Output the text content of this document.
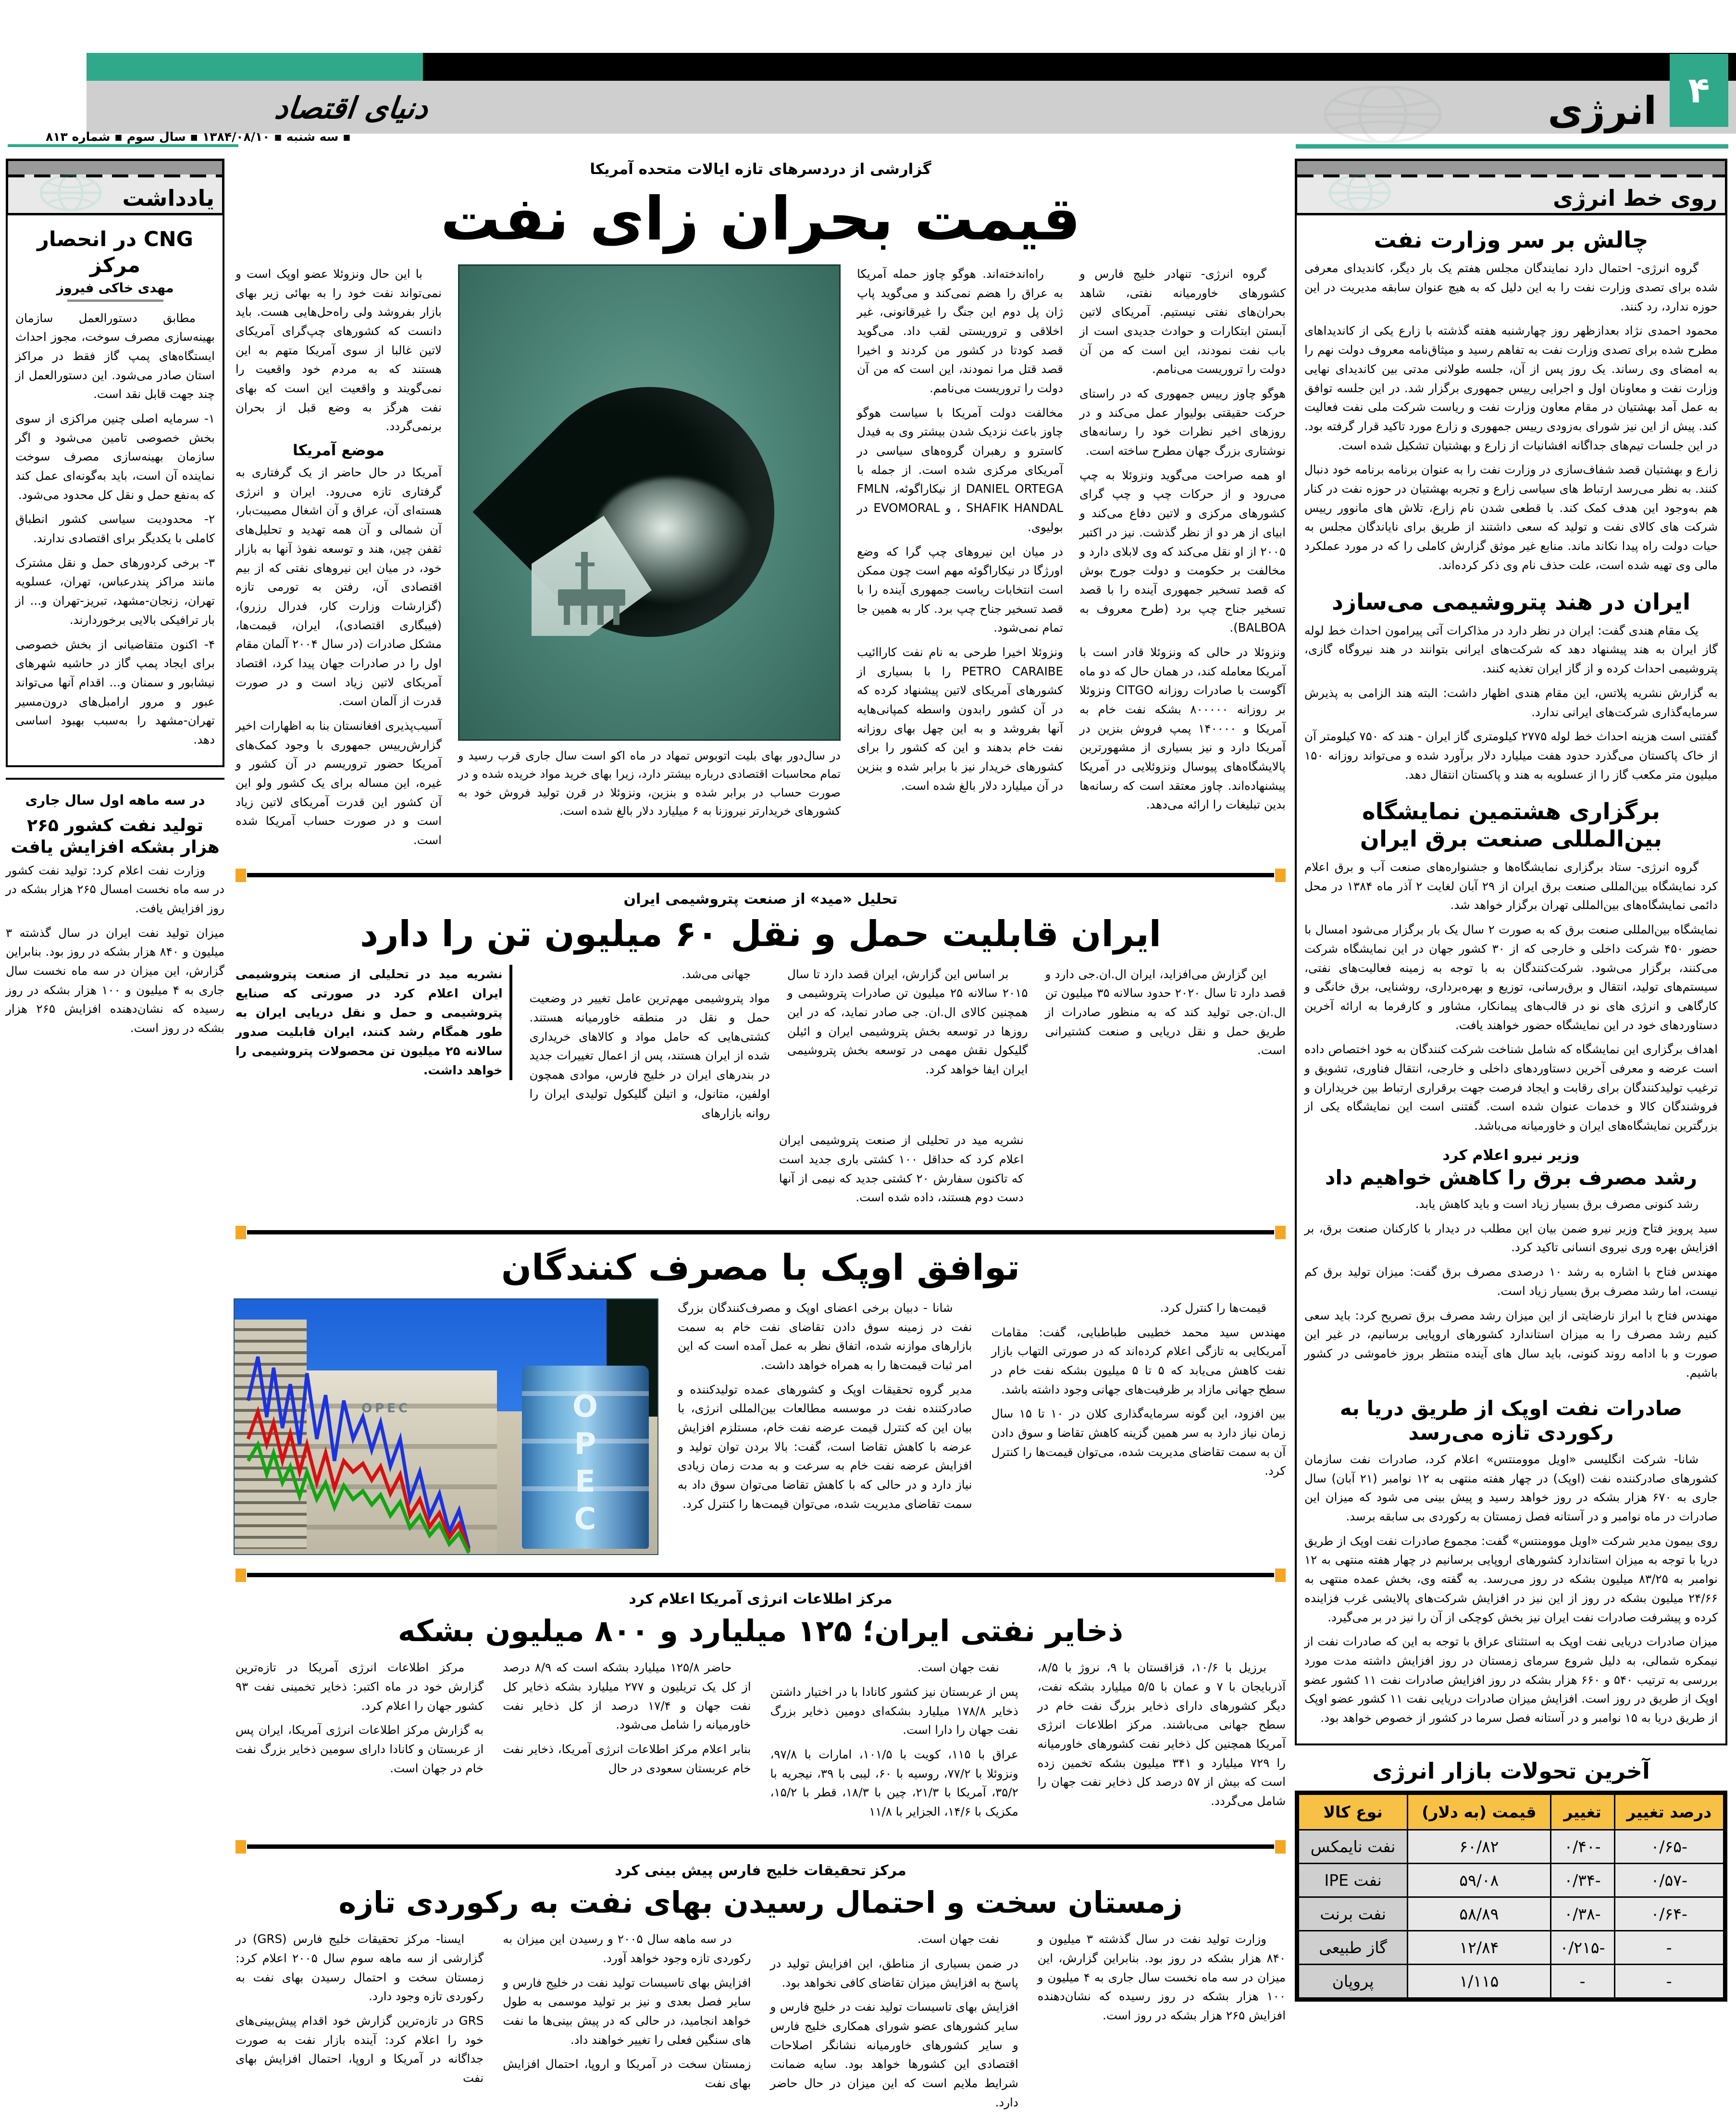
۴
دنیای اقتصاد	انرژی
▪ سه شنبه ▪ ۱۳۸۴/۰۸/۱۰ ▪ سال سوم ▪ شماره ۸۱۳
یادداشت
CNG در انحصار مرکز
مهدی خاکی فیروز

مطابق دستورالعمل سازمان بهینه‌سازی مصرف سوخت، مجوز احداث ایستگاه‌های پمپ گاز فقط در مراکز استان صادر می‌شود. این دستورالعمل از چند جهت قابل نقد است.

۱- سرمایه اصلی چنین مراکزی از سوی بخش خصوصی تامین می‌شود و اگر سازمان بهینه‌سازی مصرف سوخت نماینده آن است، باید به‌گونه‌ای عمل کند که به‌نفع حمل و نقل کل محدود می‌شود.

۲- محدودیت سیاسی کشور انطباق کاملی با یکدیگر برای اقتصادی ندارند.

۳- برخی کردورهای حمل و نقل مشترک مانند مراکز پندرعباس، تهران، عسلویه تهران، زنجان-مشهد، تبریز-تهران و... از بار ترافیکی بالایی برخوردارند.

۴- اکنون متقاضیانی از بخش خصوصی برای ایجاد پمپ گاز در حاشیه شهرهای نیشابور و سمنان و... اقدام آنها می‌تواند عبور و مرور ارامبل‌های درون‌مسیر تهران-مشهد را به‌سبب بهبود اساسی دهد.

در سه ماهه اول سال جاری
تولید نفت کشور ۲۶۵ هزار بشکه افزایش یافت

وزارت نفت اعلام کرد: تولید نفت کشور در سه ماه نخست امسال ۲۶۵ هزار بشکه در روز افزایش یافت.

میزان تولید نفت ایران در سال گذشته ۳ میلیون و ۸۴۰ هزار بشکه در روز بود. بنابراین گزارش، این میزان در سه ماه نخست سال جاری به ۴ میلیون و ۱۰۰ هزار بشکه در روز رسیده که نشان‌دهنده افزایش ۲۶۵ هزار بشکه در روز است.

گزارشی از دردسرهای تازه ایالات متحده آمریکا
قیمت بحران زای نفت

گروه انرژی- تنهادر خلیج فارس و کشورهای خاورمیانه نفتی، شاهد بحران‌های نفتی نیستیم. آمریکای لاتین آبستن ابتکارات و حوادث جدیدی است از باب نفت نمودند، این است که من آن دولت را تروریست می‌نامم.

هوگو چاوز رییس جمهوری که در راستای حرکت حقیقتی بولیوار عمل می‌کند و در روزهای اخیر نظرات خود را رسانه‌های نوشتاری بزرگ جهان مطرح ساخته است.

او همه صراحت می‌گوید ونزوئلا به چپ می‌رود و از حرکات چپ و چپ گرای کشورهای مرکزی و لاتین دفاع می‌کند و ابیای از هر دو از نظر گذشت. نیز در اکتبر ۲۰۰۵ از او نقل می‌کند که وی لابلای دارد و مخالفت بر حکومت و دولت جورج بوش که قصد تسخیر جمهوری آینده را با قصد تسخیر جناح چپ برد (طرح معروف به BALBOA).

ونزوئلا در حالی که ونزوئلا قادر است با آمریکا معامله کند، در همان حال که دو ماه آگوست با صادرات روزانه CITGO ونزوئلا بر روزانه ۸۰۰۰۰۰ بشکه نفت خام به آمریکا و ۱۴۰۰۰۰ پمپ فروش بنزین در آمریکا دارد و نیز بسیاری از مشهورترین پالایشگاه‌های پیوسال ونزوئلایی در آمریکا پیشنهاده‌اند. چاوز معتقد است که رسانه‌ها بدین تبلیغات را ارائه می‌دهد.

راه‌اندخته‌اند. هوگو چاوز حمله آمریکا به عراق را هضم نمی‌کند و می‌گوید پاپ ژان پل دوم این جنگ را غیرقانونی، غیر اخلاقی و تروریستی لقب داد. می‌گوید قصد کودتا در کشور من کردند و اخیرا قصد قتل مرا نمودند، این است که من آن دولت را تروریست می‌نامم.

مخالفت دولت آمریکا با سیاست هوگو چاوز باعث نزدیک شدن بیشتر وی به فیدل کاسترو و رهبران گروه‌های سیاسی در آمریکای مرکزی شده است. از جمله با DANIEL ORTEGA از نیکاراگوئه، FMLN ، SHAFIK HANDAL و EVOMORAL در بولیوی.

در میان این نیروهای چپ گرا که وضع اورژگا در نیکاراگوئه مهم است چون ممکن است انتخابات ریاست جمهوری آینده را با قصد تسخیر جناح چپ برد. کار به همین جا تمام نمی‌شود.

ونزوئلا اخیرا طرحی به نام نفت کاراائیب PETRO CARAIBE را با بسیاری از کشورهای آمریکای لاتین پیشنهاد کرده که در آن کشور رابدون واسطه کمپانی‌هایه آنها بفروشد و به این چهل بهای روزانه نفت خام بدهند و این که کشور را برای کشورهای خریدار نیز با برابر شده و بنزین در آن میلیارد دلار بالغ شده است.

در سال‌دور بهای بلیت اتوبوس تمهاد در ماه اکو است سال جاری قرب رسید و تمام محاسبات اقتصادی درباره بیشتر دارد، زیرا بهای خرید مواد خریده شده و در صورت حساب در برابر شده و بنزین، ونزوئلا در قرن تولید فروش خود به کشورهای خریدارتر نیروزنا به ۶ میلیارد دلار بالغ شده است.

با این حال ونزوئلا عضو اوپک است و نمی‌تواند نفت خود را به بهائی زیر بهای بازار بفروشد ولی راه‌حل‌هایی هست. باید دانست که کشورهای چپ‌گرای آمریکای لاتین غالبا از سوی آمریکا متهم به این هستند که به مردم خود واقعیت را نمی‌گویند و واقعیت این است که بهای نفت هرگز به وضع قبل از بحران برنمی‌گردد.

موضع آمریکا

آمریکا در حال حاضر از یک گرفتاری به گرفتاری تازه می‌رود. ایران و انرژی هسته‌ای آن، عراق و آن اشغال مصیبت‌بار، آن شمالی و آن همه تهدید و تحلیل‌های ثقفن چین، هند و توسعه نفوذ آنها به بازار خود، در میان این نیروهای نفتی که از بیم اقتصادی آن، رفتن به تورمی تازه (گزارشات وزارت کار، فدرال رزرو)، (فیبگاری اقتصادی)، ایران، قیمت‌ها، مشکل صادرات (در سال ۲۰۰۴ آلمان مقام اول را در صادرات جهان پیدا کرد، اقتصاد آمریکای لاتین زیاد است و در صورت قدرت از آلمان است.

آسیب‌پذیری افغانستان بنا به اظهارات اخیر گزارش‌رییس جمهوری با وجود کمک‌های آمریکا حضور تروریسم در آن کشور و غیره، این مساله برای یک کشور ولو این آن کشور این قدرت آمریکای لاتین زیاد است و در صورت حساب آمریکا شده است.

تحلیل «مید» از صنعت پتروشیمی ایران
ایران قابلیت حمل و نقل ۶۰ میلیون تن را دارد

این گزارش می‌افزاید، ایران ال.ان.جی دارد و قصد دارد تا سال ۲۰۲۰ حدود سالانه ۳۵ میلیون تن ال.ان.جی تولید کند که به منظور صادرات از طریق حمل و نقل دریایی و صنعت کشتیرانی است.

بر اساس این گزارش، ایران قصد دارد تا سال ۲۰۱۵ سالانه ۲۵ میلیون تن صادرات پتروشیمی و همچنین کالای ال.ان. جی صادر نماید، که در این روزها در توسعه بخش پتروشیمی ایران و ائیلن گلیکول نقش مهمی در توسعه بخش پتروشیمی ایران ایفا خواهد کرد.

جهانی می‌شد.

مواد پتروشیمی مهم‌ترین عامل تغییر در وضعیت حمل و نقل در منطقه خاورمیانه هستند. کشتی‌هایی که حامل مواد و کالاهای خریداری شده از ایران هستند، پس از اعمال تغییرات جدید در بندرهای ایران در خلیج فارس، موادی همچون اولفین، متانول، و اتیلن گلیکول تولیدی ایران را روانه بازارهای

نشریه مید در تحلیلی از صنعت پتروشیمی ایران اعلام کرد در صورتی که صنایع پتروشیمی و حمل و نقل دریایی ایران به طور همگام رشد کنند، ایران قابلیت صدور سالانه ۲۵ میلیون تن محصولات پتروشیمی را خواهد داشت.

نشریه مید در تحلیلی از صنعت پتروشیمی ایران اعلام کرد که حداقل ۱۰۰ کشتی باری جدید است که تاکنون سفارش ۲۰ کشتی جدید که نیمی از آنها دست دوم هستند، داده شده است.

توافق اوپک با مصرف کنندگان

قیمت‌ها را کنترل کرد.

مهندس سید محمد خطیبی طباطبایی، گفت: مقامات آمریکایی به تازگی اعلام کرده‌اند که در صورتی التهاب بازار نفت کاهش می‌یابد که ۵ تا ۵ میلیون بشکه نفت خام در سطح جهانی مازاد بر ظرفیت‌های جهانی وجود داشته باشد.

بین افزود، این گونه سرمایه‌گذاری کلان در ۱۰ تا ۱۵ سال زمان نیاز دارد به سر همین گزینه کاهش تقاضا و سوق دادن آن به سمت تقاضای مدیریت شده، می‌توان قیمت‌ها را کنترل کرد.

شانا - دبیان برخی اعضای اوپک و مصرف‌کنندگان بزرگ نفت در زمینه سوق دادن تقاضای نفت خام به سمت بازارهای موازنه شده، اتفاق نظر به عمل آمده است که این امر ثبات قیمت‌ها را به همراه خواهد داشت.

مدیر گروه تحقیقات اوپک و کشورهای عمده تولیدکننده و صادرکننده نفت در موسسه مطالعات بین‌المللی انرژی، با بیان این که کنترل قیمت عرضه نفت خام، مستلزم افزایش عرضه با کاهش تقاضا است، گفت: بالا بردن توان تولید و افزایش عرضه نفت خام به سرعت و به مدت زمان زیادی نیاز دارد و در حالی که با کاهش تقاضا می‌توان سوق داد به سمت تقاضای مدیریت شده، می‌توان قیمت‌ها را کنترل کرد.

OPEC	O
P
E
C
مرکز اطلاعات انرژی آمریکا اعلام کرد
ذخایر نفتی ایران؛ ۱۲۵ میلیارد و ۸۰۰ میلیون بشکه

برزیل با ۱۰/۶، قزاقستان با ۹، نروژ با ۸/۵، آذربایجان با ۷ و عمان با ۵/۵ میلیارد بشکه نفت، دیگر کشورهای دارای ذخایر بزرگ نفت خام در سطح جهانی می‌باشند. مرکز اطلاعات انرژی آمریکا همچنین کل ذخایر نفت کشورهای خاورمیانه را ۷۲۹ میلیارد و ۳۴۱ میلیون بشکه تخمین زده است که بیش از ۵۷ درصد کل ذخایر نفت جهان را شامل می‌گردد.

نفت جهان است.

پس از عربستان نیز کشور کانادا با در اختیار داشتن ذخایر ۱۷۸/۸ میلیارد بشکه‌ای دومین ذخایر بزرگ نفت جهان را دارا است.

عراق با ۱۱۵، کویت با ۱۰۱/۵، امارات با ۹۷/۸، ونزوئلا با ۷۷/۲، روسیه با ۶۰، لیبی با ۳۹، نیجریه با ۳۵/۲، آمریکا با ۲۱/۳، چین با ۱۸/۳، قطر با ۱۵/۲، مکزیک با ۱۴/۶، الجزایر با ۱۱/۸

حاضر ۱۲۵/۸ میلیارد بشکه است که ۸/۹ درصد از کل یک تریلیون و ۲۷۷ میلیارد بشکه ذخایر کل نفت جهان و ۱۷/۴ درصد از کل ذخایر نفت خاورمیانه را شامل می‌شود.

بنابر اعلام مرکز اطلاعات انرژی آمریکا، ذخایر نفت خام عربستان سعودی در حال

مرکز اطلاعات انرژی آمریکا در تازه‌ترین گزارش خود در ماه اکتبر: ذخایر تخمینی نفت ۹۳ کشور جهان را اعلام کرد.

به گزارش مرکز اطلاعات انرژی آمریکا، ایران پس از عربستان و کانادا دارای سومین ذخایر بزرگ نفت خام در جهان است.

مرکز تحقیقات خلیج فارس پیش بینی کرد
زمستان سخت و احتمال رسیدن بهای نفت به رکوردی تازه

وزارت تولید نفت در سال گذشته ۳ میلیون و ۸۴۰ هزار بشکه در روز بود. بنابراین گزارش، این میزان در سه ماه نخست سال جاری به ۴ میلیون و ۱۰۰ هزار بشکه در روز رسیده که نشان‌دهنده افزایش ۲۶۵ هزار بشکه در روز است.

نفت جهان است.

در ضمن بسیاری از مناطق، این افزایش تولید در پاسخ به افزایش میزان تقاضای کافی نخواهد بود.

افزایش بهای تاسیسات تولید نفت در خلیج فارس و سایر کشورهای عضو شورای همکاری خلیج فارس و سایر کشورهای خاورمیانه نشانگر اصلاحات اقتصادی این کشورها خواهد بود. سایه ضمانت شرایط ملایم است که این میزان در حال حاضر دارد.

در سه ماهه سال ۲۰۰۵ و رسیدن این میزان به رکوردی تازه وجود خواهد آورد.

افزایش بهای تاسیسات تولید نفت در خلیج فارس و سایر فصل بعدی و نیز بر تولید موسمی به طول خواهد انجامید، در حالی که در پیش بینی‌ها ما نفت های سنگین فعلی را تغییر خواهند داد.

زمستان سخت در آمریکا و اروپا، احتمال افزایش بهای نفت

ایسنا- مرکز تحقیقات خلیج فارس (GRS) در گزارشی از سه ماهه سوم سال ۲۰۰۵ اعلام کرد: زمستان سخت و احتمال رسیدن بهای نفت به رکوردی تازه وجود دارد.

GRS در تازه‌ترین گزارش خود اقدام پیش‌بینی‌های خود را اعلام کرد: آینده بازار نفت به صورت جداگانه در آمریکا و اروپا، احتمال افزایش بهای نفت

روی خط انرژی
چالش بر سر وزارت نفت

گروه انرژی- احتمال دارد نمایندگان مجلس هفتم یک بار دیگر، کاندیدای معرفی شده برای تصدی وزارت نفت را به این دلیل که به هیچ عنوان سابقه مدیریت در این حوزه ندارد، رد کنند.

محمود احمدی نژاد بعدازظهر روز چهارشنبه هفته گذشته با زارع یکی از کاندیداهای مطرح شده برای تصدی وزارت نفت به تفاهم رسید و میثاق‌نامه معروف دولت نهم را به امضای وی رساند. یک روز پس از آن، جلسه طولانی مدتی بین کاندیدای نهایی وزارت نفت و معاونان اول و اجرایی رییس جمهوری برگزار شد. در این جلسه توافق به عمل آمد بهشتیان در مقام معاون وزارت نفت و ریاست شرکت ملی نفت فعالیت کند. پیش از این نیز شورای به‌زودی رییس جمهوری و زارع مورد تاکید قرار گرفته بود. در این جلسات تیم‌های جداگانه افشانیات از زارع و بهشتیان تشکیل شده است.

زارع و بهشتیان قصد شفاف‌سازی در وزارت نفت را به عنوان برنامه برنامه خود دنبال کنند. به نظر می‌رسد ارتباط های سیاسی زارع و تجربه بهشتیان در حوزه نفت در کنار هم به‌وجود این هدف کمک کند. با قطعی شدن نام زارع، تلاش های مانوور رییس شرکت های کالای نفت و تولید که سعی داشتند از طریق برای نایاندگان مجلس به حیات دولت راه پیدا نکاند ماند. منابع غیر موثق گزارش کاملی را که در مورد عملکرد مالی وی تهیه شده است، علت حذف نام وی ذکر کرده‌اند.

ایران در هند پتروشیمی می‌سازد

یک مقام هندی گفت: ایران در نظر دارد در مذاکرات آتی پیرامون احداث خط لوله گاز ایران به هند پیشنهاد دهد که شرکت‌های ایرانی بتوانند در هند نیروگاه گازی، پتروشیمی احداث کرده و از گاز ایران تغذیه کنند.

به گزارش نشریه پلاتس، این مقام هندی اظهار داشت: البته هند الزامی به پذیرش سرمایه‌گذاری شرکت‌های ایرانی ندارد.

گفتنی است هزینه احداث خط لوله ۲۷۷۵ کیلومتری گاز ایران - هند که ۷۵۰ کیلومتر آن از خاک پاکستان می‌گذرد حدود هفت میلیارد دلار برآورد شده و می‌تواند روزانه ۱۵۰ میلیون متر مکعب گاز را از عسلویه به هند و پاکستان انتقال دهد.

برگزاری هشتمین نمایشگاه بین‌المللی صنعت برق ایران

گروه انرژی- ستاد برگزاری نمایشگاه‌ها و جشنواره‌های صنعت آب و برق اعلام کرد نمایشگاه بین‌المللی صنعت برق ایران از ۲۹ آبان لغایت ۲ آذر ماه ۱۳۸۴ در محل دائمی نمایشگاه‌های بین‌المللی تهران برگزار خواهد شد.

نمایشگاه بین‌المللی صنعت برق که به صورت ۲ سال یک بار برگزار می‌شود امسال با حضور ۴۵۰ شرکت داخلی و خارجی که از ۳۰ کشور جهان در این نمایشگاه شرکت می‌کنند، برگزار می‌شود. شرکت‌کنندگان به با توجه به زمینه فعالیت‌های نفتی، سیستم‌های تولید، انتقال و برق‌رسانی، توزیع و بهره‌برداری، روشنایی، برق خانگی و کارگاهی و انرژی های نو در قالب‌های پیمانکار، مشاور و کارفرما به ارائه آخرین دستاوردهای خود در این نمایشگاه حضور خواهند یافت.

اهداف برگزاری این نمایشگاه که شامل شناخت شرکت کنندگان به خود اختصاص داده است عرضه و معرفی آخرین دستاوردهای داخلی و خارجی، انتقال فناوری، تشویق و ترغیب تولیدکنندگان برای رقابت و ایجاد فرصت جهت برقراری ارتباط بین خریداران و فروشندگان کالا و خدمات عنوان شده است. گفتنی است این نمایشگاه یکی از بزرگترین نمایشگاه‌های ایران و خاورمیانه می‌باشد.

وزیر نیرو اعلام کرد
رشد مصرف برق را کاهش خواهیم داد

رشد کنونی مصرف برق بسیار زیاد است و باید کاهش یابد.

سید پرویز فتاح وزیر نیرو ضمن بیان این مطلب در دیدار با کارکنان صنعت برق، بر افزایش بهره وری نیروی انسانی تاکید کرد.

مهندس فتاح با اشاره به رشد ۱۰ درصدی مصرف برق گفت: میزان تولید برق کم نیست، اما رشد مصرف برق بسیار زیاد است.

مهندس فتاح با ابراز نارضایتی از این میزان رشد مصرف برق تصریح کرد: باید سعی کنیم رشد مصرف را به میزان استاندارد کشورهای اروپایی برسانیم، در غیر این صورت و با ادامه روند کنونی، باید سال های آینده منتظر بروز خاموشی در کشور باشیم.

صادرات نفت اوپک از طریق دریا به رکوردی تازه می‌رسد

شانا- شرکت انگلیسی «اویل موومنتس» اعلام کرد، صادرات نفت سازمان کشورهای صادرکننده نفت (اوپک) در چهار هفته منتهی به ۱۲ نوامبر (۲۱ آبان) سال جاری به ۶۷۰ هزار بشکه در روز خواهد رسید و پیش بینی می شود که میزان این صادرات در ماه نوامبر و در آستانه فصل زمستان به رکوردی بی سابقه برسد.

روی بیمون مدیر شرکت «اویل موومنتس» گفت: مجموع صادرات نفت اوپک از طریق دریا با توجه به میزان استاندارد کشورهای اروپایی برسانیم در چهار هفته منتهی به ۱۲ نوامبر به ۸۳/۲۵ میلیون بشکه در روز می‌رسد. به گفته وی، بخش عمده منتهی به ۲۴/۶۶ میلیون بشکه در روز از این نیز در افزایش شرکت‌های پالایشی غرب فزاینده کرده و پیشرفت صادرات نفت ایران نیز بخش کوچکی از آن را نیز در بر می‌گیرد.

میزان صادرات دریایی نفت اوپک به استثنای عراق با توجه به این که صادرات نفت از نیمکره شمالی، به دلیل شروع سرمای زمستان در روز افزایش داشته مدت مورد بررسی به ترتیب ۵۴۰ و ۶۶۰ هزار بشکه در روز افزایش صادرات نفت ۱۱ کشور عضو اوپک از طریق در روز است. افزایش میزان صادرات دریایی نفت ۱۱ کشور عضو اوپک از طریق دریا به ۱۵ نوامبر و در آستانه فصل سرما در کشور از خصوص خواهد بود.

آخرین تحولات بازار انرژی
درصد تغییر	تغییر	قیمت (به دلار)	نوع کالا
-۰/۶۵	-۰/۴۰	۶۰/۸۲	نفت نایمکس
-۰/۵۷	-۰/۳۴	۵۹/۰۸	نفت IPE
-۰/۶۴	-۰/۳۸	۵۸/۸۹	نفت برنت
-	-۰/۲۱۵	۱۲/۸۴	گاز طبیعی
-	-	۱/۱۱۵	پروپان
